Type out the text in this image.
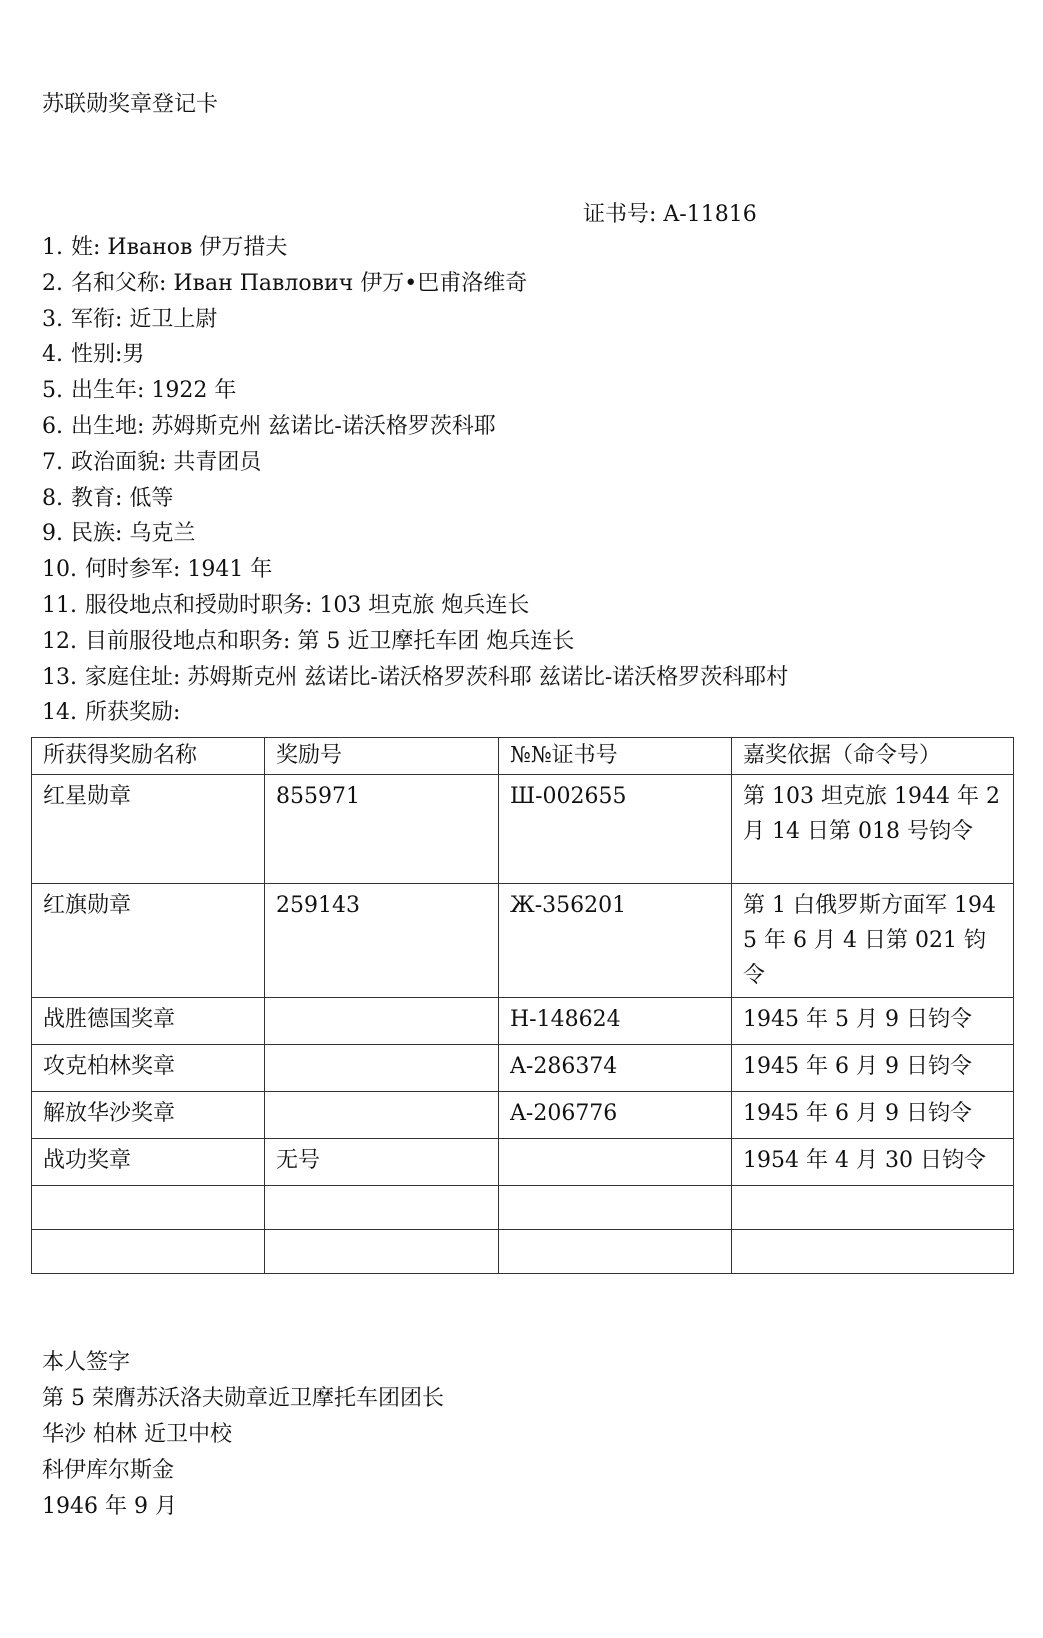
苏联勋奖章登记卡
证书号: A-11816
1. 姓: Иванов 伊万措夫
2. 名和父称: Иван Павлович 伊万•巴甫洛维奇
3. 军衔: 近卫上尉
4. 性别:男
5. 出生年: 1922 年
6. 出生地: 苏姆斯克州 兹诺比-诺沃格罗茨科耶
7. 政治面貌: 共青团员
8. 教育: 低等
9. 民族: 乌克兰
10. 何时参军: 1941 年
11. 服役地点和授勋时职务: 103 坦克旅 炮兵连长
12. 目前服役地点和职务: 第 5 近卫摩托车团 炮兵连长
13. 家庭住址: 苏姆斯克州 兹诺比-诺沃格罗茨科耶 兹诺比-诺沃格罗茨科耶村
14. 所获奖励:
所获得奖励名称	奖励号	№№证书号	嘉奖依据（命令号）
红星勋章	855971	Ш-002655	第 103 坦克旅 1944 年 2 月 14 日第 018 号钧令
红旗勋章	259143	Ж-356201	第 1 白俄罗斯方面军 1945 年 6 月 4 日第 021 钧令
战胜德国奖章		H-148624	1945 年 5 月 9 日钧令
攻克柏林奖章		A-286374	1945 年 6 月 9 日钧令
解放华沙奖章		A-206776	1945 年 6 月 9 日钧令
战功奖章	无号		1954 年 4 月 30 日钧令

本人签字
第 5 荣膺苏沃洛夫勋章近卫摩托车团团长
华沙 柏林 近卫中校
科伊库尔斯金
1946 年 9 月
